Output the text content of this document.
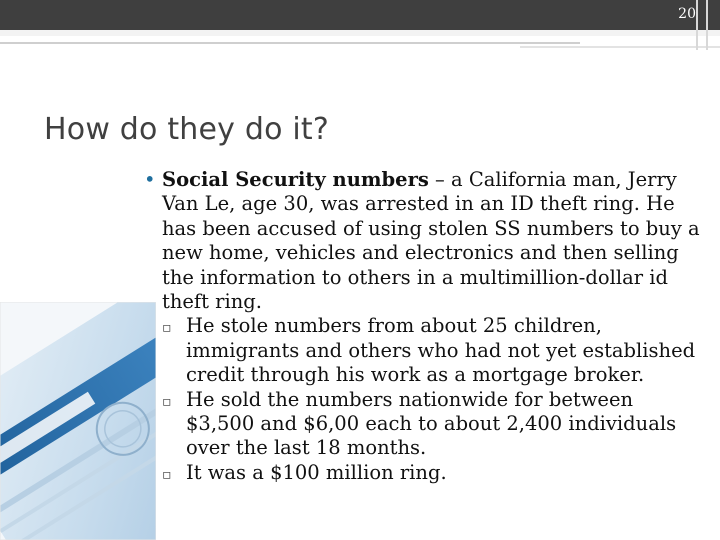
20
How do they do it?
• Social Security numbers – a California man, Jerry Van Le, age 30, was arrested in an ID theft ring. He has been accused of using stolen SS numbers to buy a new home, vehicles and electronics and then selling the information to others in a multimillion-dollar id theft ring.
▫ He stole numbers from about 25 children, immigrants and others who had not yet established credit through his work as a mortgage broker.
▫ He sold the numbers nationwide for between $3,500 and $6,00 each to about 2,400 individuals over the last 18 months.
▫ It was a $100 million ring.
